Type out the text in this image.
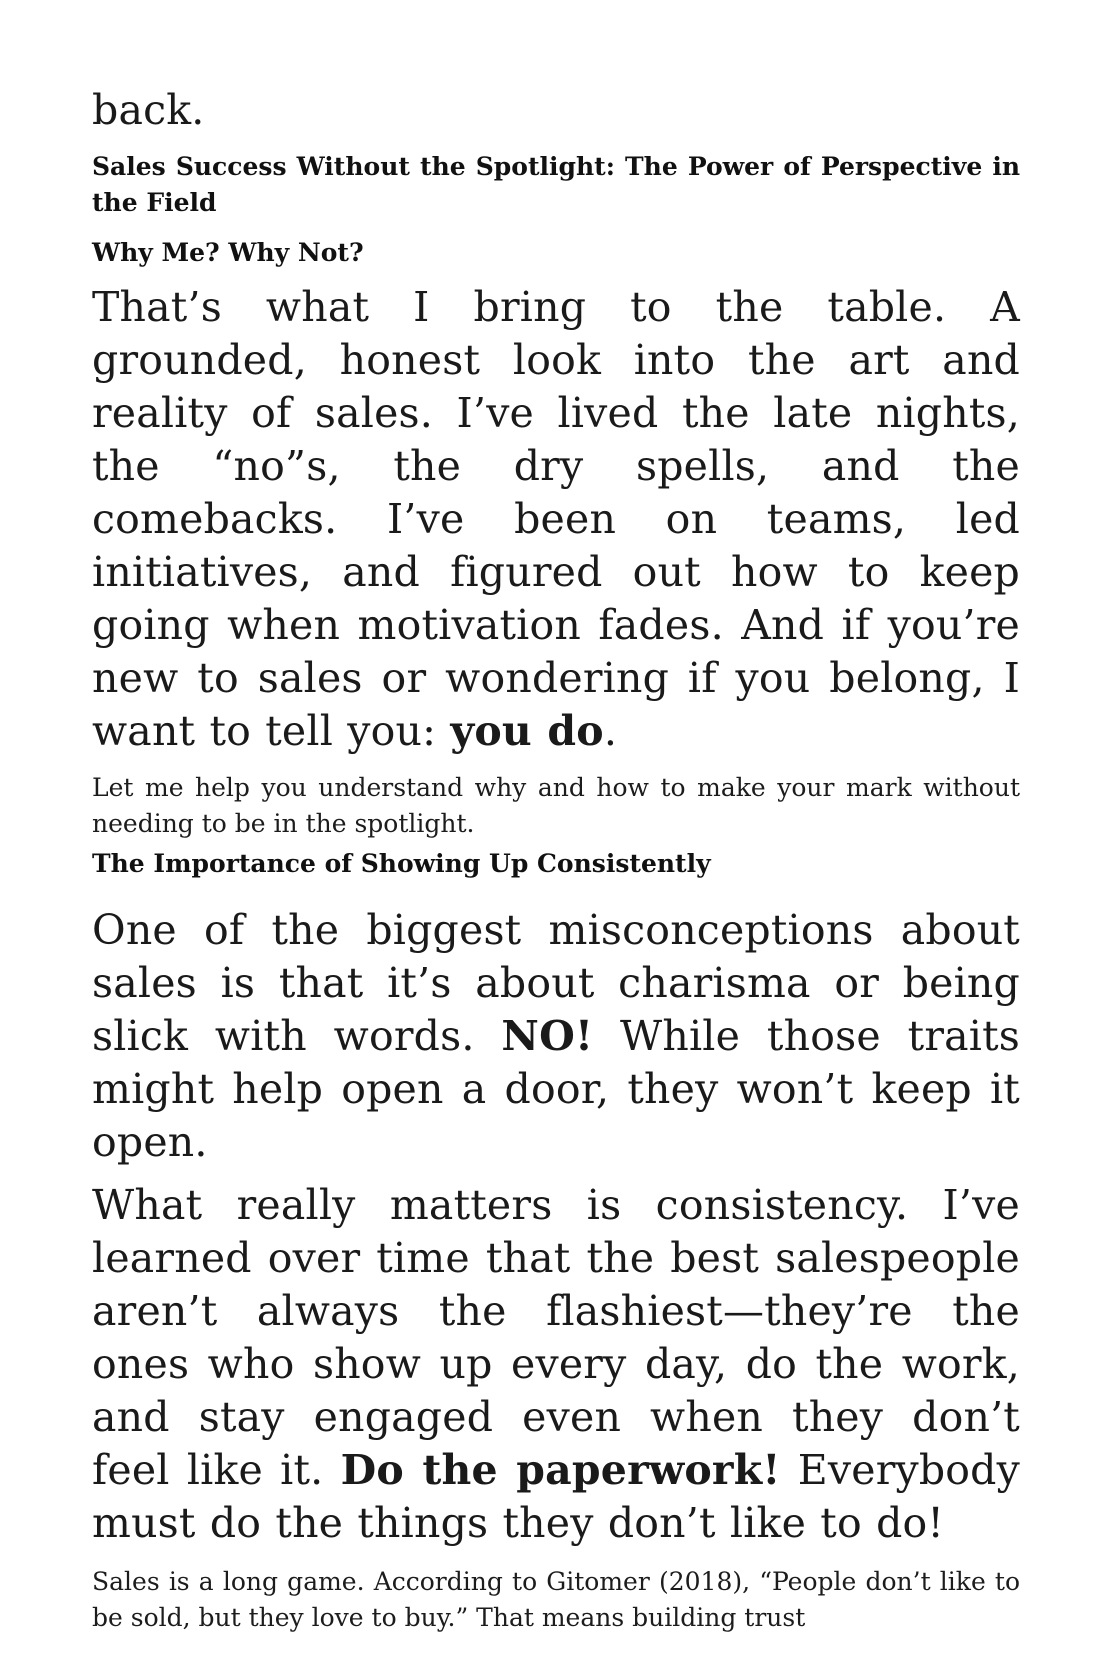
back.

Sales Success Without the Spotlight: The Power of Perspective in the Field

Why Me? Why Not?

That’s what I bring to the table. A grounded, honest look into the art and reality of sales. I’ve lived the late nights, the “no”s, the dry spells, and the comebacks. I’ve been on teams, led initiatives, and figured out how to keep going when motivation fades. And if you’re new to sales or wondering if you belong, I want to tell you: you do.

Let me help you understand why and how to make your mark without needing to be in the spotlight.

The Importance of Showing Up Consistently

One of the biggest misconceptions about sales is that it’s about charisma or being slick with words. NO! While those traits might help open a door, they won’t keep it open.

What really matters is consistency. I’ve learned over time that the best salespeople aren’t always the flashiest—they’re the ones who show up every day, do the work, and stay engaged even when they don’t feel like it. Do the paperwork! Everybody must do the things they don’t like to do!

Sales is a long game. According to Gitomer (2018), “People don’t like to be sold, but they love to buy.” That means building trust
